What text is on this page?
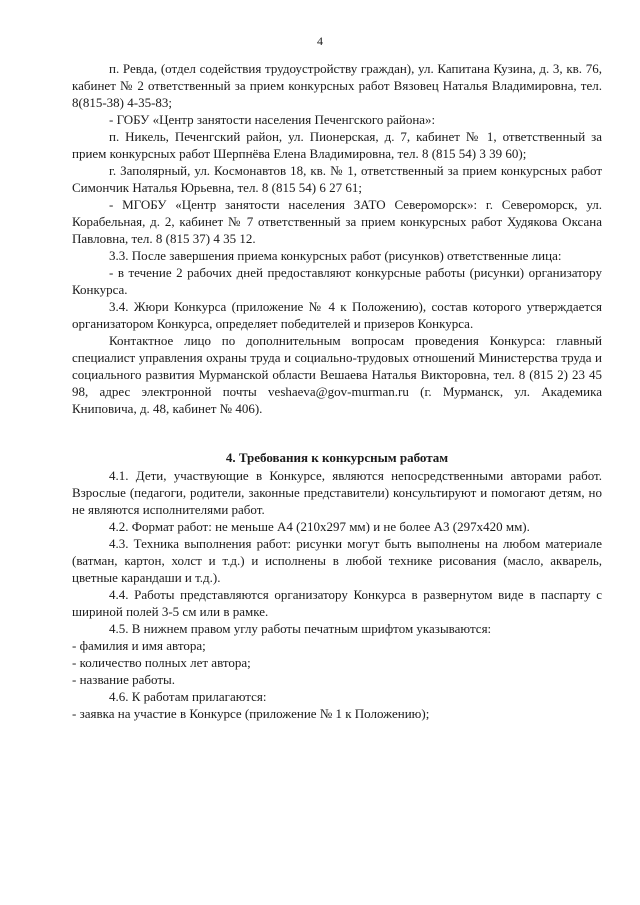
4

п. Ревда, (отдел содействия трудоустройству граждан), ул. Капитана Кузина, д. 3, кв. 76, кабинет № 2 ответственный за прием конкурсных работ Вязовец Наталья Владимировна, тел. 8(815-38) 4-35-83;

- ГОБУ «Центр занятости населения Печенгского района»:

п. Никель, Печенгский район, ул. Пионерская, д. 7, кабинет № 1, ответственный за прием конкурсных работ Шерпнёва Елена Владимировна, тел. 8 (815 54) 3 39 60);

г. Заполярный, ул. Космонавтов 18, кв. № 1, ответственный за прием конкурсных работ Симончик Наталья Юрьевна, тел. 8 (815 54) 6 27 61;

- МГОБУ «Центр занятости населения ЗАТО Североморск»: г. Североморск, ул. Корабельная, д. 2, кабинет № 7 ответственный за прием конкурсных работ Худякова Оксана Павловна, тел. 8 (815 37) 4 35 12.

3.3. После завершения приема конкурсных работ (рисунков) ответственные лица:

- в течение 2 рабочих дней предоставляют конкурсные работы (рисунки) организатору Конкурса.

3.4. Жюри Конкурса (приложение № 4 к Положению), состав которого утверждается организатором Конкурса, определяет победителей и призеров Конкурса.

Контактное лицо по дополнительным вопросам проведения Конкурса: главный специалист управления охраны труда и социально-трудовых отношений Министерства труда и социального развития Мурманской области Вешаева Наталья Викторовна, тел. 8 (815 2) 23 45 98, адрес электронной почты veshaeva@gov-murman.ru (г. Мурманск, ул. Академика Книповича, д. 48, кабинет № 406).

4. Требования к конкурсным работам

4.1. Дети, участвующие в Конкурсе, являются непосредственными авторами работ. Взрослые (педагоги, родители, законные представители) консультируют и помогают детям, но не являются исполнителями работ.

4.2. Формат работ: не меньше А4 (210х297 мм) и не более А3 (297х420 мм).

4.3. Техника выполнения работ: рисунки могут быть выполнены на любом материале (ватман, картон, холст и т.д.) и исполнены в любой технике рисования (масло, акварель, цветные карандаши и т.д.).

4.4. Работы представляются организатору Конкурса в развернутом виде в паспарту с шириной полей 3-5 см или в рамке.

4.5. В нижнем правом углу работы печатным шрифтом указываются:

- фамилия и имя автора;

- количество полных лет автора;

- название работы.

4.6. К работам прилагаются:

- заявка на участие в Конкурсе (приложение № 1 к Положению);
